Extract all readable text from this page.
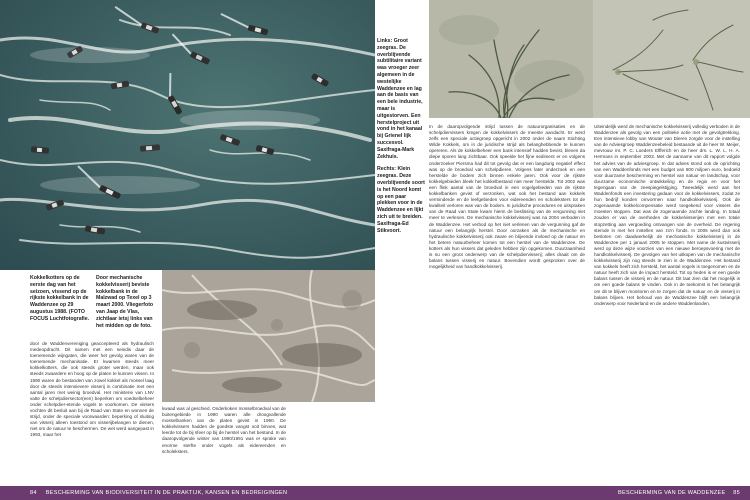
Kokkelkotters op de eerste dag van het seizoen, vissend op de rijkste kokkelbank in de Waddenzee op 29 augustus 1988. (FOTO FOCUS Luchtfotografie.

Door mechanische kokkelvisserij beviste kokkelbank in de Malzwad op Texel op 3 maart 2000. Vliegerfoto van Jaap de Vlas, zichtlaar ietsj links van het midden op de foto.

door de Waddenvereniging geaccepteerd als hydraulisch medeopdracht. Dit samen met een seindis daar de toenemende wijngaten, die weer het gevolg waren van de toenemende mechanisatie. Er kwamen steeds meer kokkelkotters, die ook steeds groter werden, maar ook steeds zwaardere en hoog op de platen te kunnen vissen. In 1990 waren de bestanden van zowel kokkel als mossel laag door de steeds intensievere visserij in combinatie met een aantal jaren met weinig broedval. Het ministerie van LNV vatte de schelpdiersector(een) beperken om voedselbeheer onder schelpdier-etende vogels te voorkomen. De vissers vochten dit besluit aan bij de Raad van State en wonnen de strijd, onder de speciale voorwaarden: beperking of sluiting van visserij alleen toestond om visserijbelangen te dienen, niet om de natuur te beschermen. De wet werd aangepast in 1993, maar het

kwaad was al geschied. Onderkoken mosselbroedval van de buitengebiede in 1990 waren alle droogvallende mosselbanken van de platen gevist in 1990. De kokkelvissers hadden de goedste vangst ooit binnen, wat leerde tot de bij sfeer op bij de herstel van het bestand. In de daaropvolgende winter van 1990/1991 was er sprake van enorme sterfte onder vogels als eidereenden en scholeksters.

84 BESCHERMING VAN BIODIVERSITEIT IN DE PRAKTIJK, KANSEN EN BEDREIGINGEN

Links: Groot zeegras. De overblijvende subtilitaire variant was vroeger zeer algemeen in de westelijke Waddenzee en lag aan de basis van een bele industrie, maar is uitgestorven. Een herstelproject uit vond in het kanaal bij Grienel lijk succesvol. Saxifraga-Mark Zekhuis.

Rechts: Klein zeegras. Deze overblijvende soort is het Noord komt op een paar plekken voor in de Waddenzee en lijkt zich uit te breiden. Saxifraga-Ed Stikvoort.

In de daaropvolgende strijd tussen de natuurorganisaties en de schelpdiervissers kregen de kokkelvissers de meeste aandacht. Er werd zelfs een speciale actiegroep opgericht in 2002 onder de naam Stichting Wilde Kokkels, om in de juridische strijd als belanghebbende te kunnen opereren. Als de kokkelbeheer een bank intensief hadden bevist, bleven da diepe sporen lang zichtbaar. Ook speelde het fijne sediment er en volgens onderzoeker Piersma had dit tot gevolg dat er een langdurig negatief effect was op de broedval van schelpdieren. Volgens later onderzoek en een herstelde de bodem zich binnen enkele jaren. Ook voor de rijkste kokkelgebieden bleek het kokkelbestand niet meer herstelde. Tot 2002 was een flink aantal van de broedval in een vogelgebieden van de rijkste kokkelbanken gevist of verzonken, wat ook het bestand aan kokkels verminderde en de leefgebieden voor eidereenden en scholeksters tot de kwaliteit verloren was van de bodem. In juridische procedures en uitspraken van de Raad van State kwam hierin de beslissing van de vergunning niet meer te verlenen. De mechanische kokkelvisserij was na 2004 verboden in de Waddenzee. Het verbod op het niet verlenen van de vergunning gaf de natuur een belangrijk herstel. Door oorzaken als de mechanische en hydraulische kokkelvisserij ook zware en blijvende invloed op de natuur en het betere natuurbeheer komen tot een herstel van de Waddenzee. De kotters als hun vissers dat geleden hebben zijn opgekomen. Duurzaamheid is nu een groot onderwerp van de schelpdiervisserij; alles draait om de balans tussen visserij en natuur. Bovendien wordt gesproken over de mogelijkheid van handkokkelvisserij.

Uiteindelijk werd de mechanische kokkelvisserij volledig verboden in de Waddenzee als gevolg van een politieke actie met de gevolgtrekking. Een intensieve lobby van Wouter van Dieren zorgde voor de instelling van de Adviesgroep Waddenzeebeleid bestaande uit de heer W. Meijer, mevrouw mr. P. C. Loeders Elfferich en de heer drs. L. W. L. H. A. Hermans in september 2003. Met de aanname van dit rapport volgde het advies van de adviesgroep. In dat advies stond ook de oprichting van een Waddenfonds met een budget van 800 miljoen euro, bedoeld voor duurzame bescherming en herstel van natuur en landschap, voor duurzame economische ontwikkeling en de regio en voor het tegengaan van de zeespiegelstijging. Tweedelijk werd aan het Waddenfonds een investering gedaan voor de kokkelvissers, zodat ze hun bedrijf konden omvormen naar handkokkelvisserij. Ook de zogenaamde kokkelcompensatie werd toegekend voor vissers die moesten stoppen. Dat was de zogenaamde zachte landing. In totaal zouden er van de overheden de kokkelvisserijen met een totale stopzetting aan vergoeding ontvangen van de overheid. De regering stemde in met het instellen van zo'n fonds. In 2005 werd dan ook besloten om daadwerkelijk de mechanische kokkelvisserij in de Waddenzee per 1 januari 2005 te stoppen. Met name de kustvisserij werd op deze wijze voorzien van een nieuwe beroepsvoering met de handkokkelvisserij. De gevolgen van het uitkopen van de mechanische kokkelvisserij zijn nog steeds te zien in de Waddenzee. Het bestand van kokkels heeft zich hersteld, het aantal vogels is toegenomen en de natuur heeft zich van de impact hersteld. Tot op heden is er een goede balans tussen de visserij en de natuur. Dit laat zien dat het mogelijk is om een goede balans te vinden. Ook in de toekomst is het belangrijk om dit te blijven monitoren en te zorgen dat de natuur en de visserij in balans blijven. Het behoud van de Waddenzee blijft een belangrijk onderwerp voor Nederland en de andere Waddenlanden.

BESCHERMING VAN DE WADDENZEE 85
